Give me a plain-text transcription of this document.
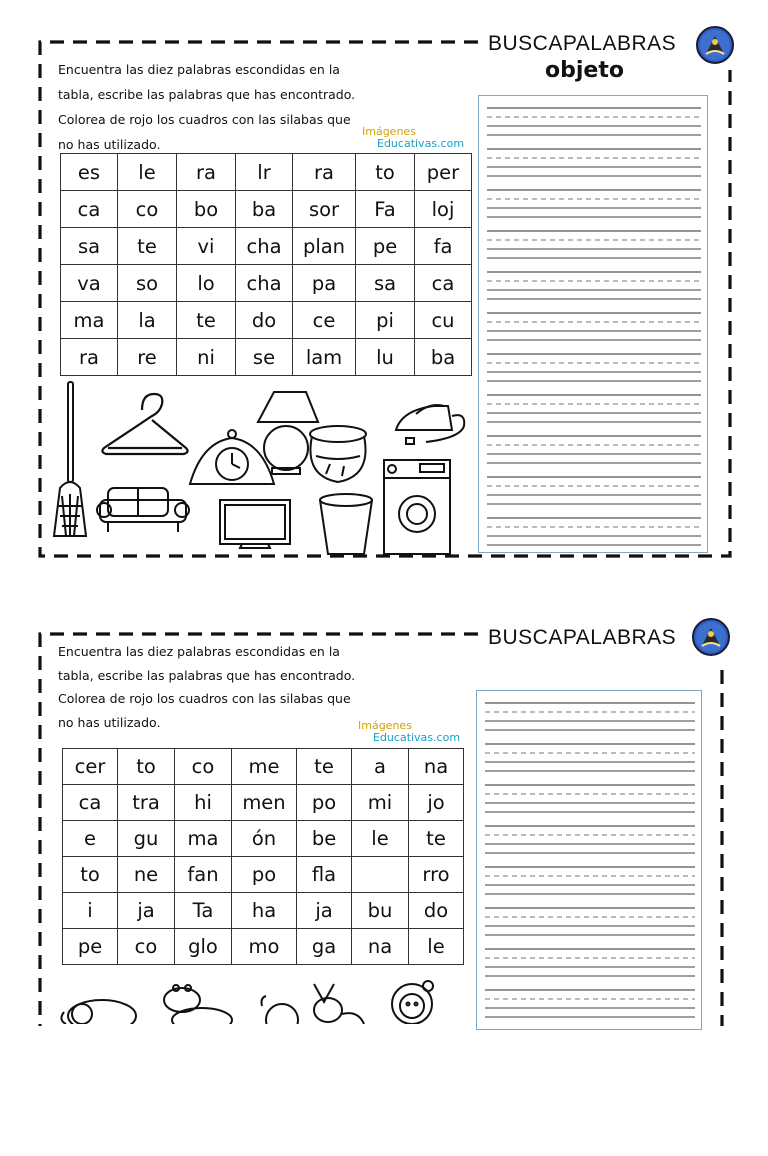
BUSCAPALABRAS
objeto
Encuentra las diez palabras escondidas en la
tabla, escribe las palabras que has encontrado.
Colorea de rojo los cuadros con las silabas que
no has utilizado.
Imágenes
Educativas.com
es	le	ra	lr	ra	to	per
ca	co	bo	ba	sor	Fa	loj
sa	te	vi	cha	plan	pe	fa
va	so	lo	cha	pa	sa	ca
ma	la	te	do	ce	pi	cu
ra	re	ni	se	lam	lu	ba
BUSCAPALABRAS
Encuentra las diez palabras escondidas en la
tabla, escribe las palabras que has encontrado.
Colorea de rojo los cuadros con las silabas que
no has utilizado.	Imágenes
Educativas.com
cer	to	co	me	te	a	na
ca	tra	hi	men	po	mi	jo
e	gu	ma	ón	be	le	te
to	ne	fan	po	fla		rro
i	ja	Ta	ha	ja	bu	do
pe	co	glo	mo	ga	na	le
